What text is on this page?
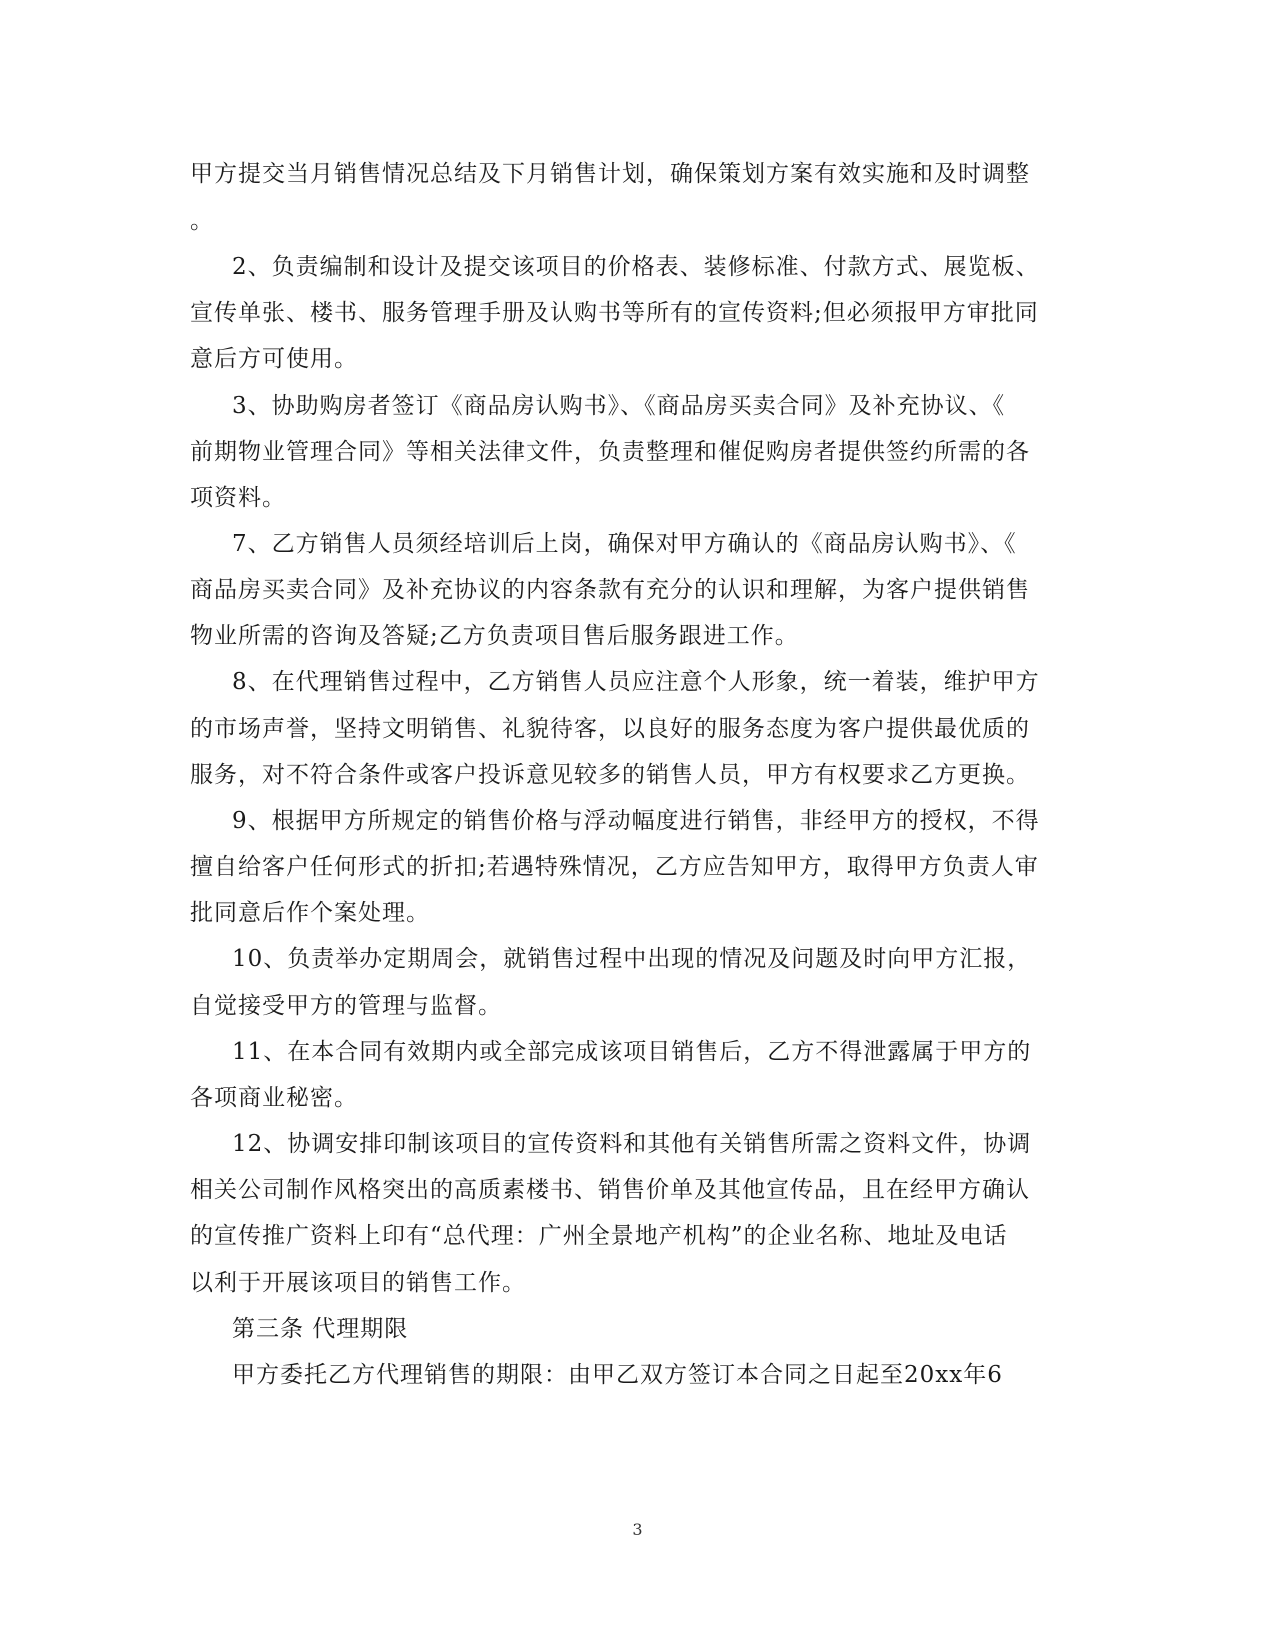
甲方提交当月销售情况总结及下月销售计划，确保策划方案有效实施和及时调整
。
2、负责编制和设计及提交该项目的价格表、装修标准、付款方式、展览板、
宣传单张、楼书、服务管理手册及认购书等所有的宣传资料;但必须报甲方审批同
意后方可使用。
3、协助购房者签订《商品房认购书》、《商品房买卖合同》及补充协议、《
前期物业管理合同》等相关法律文件，负责整理和催促购房者提供签约所需的各
项资料。
7、乙方销售人员须经培训后上岗，确保对甲方确认的《商品房认购书》、《
商品房买卖合同》及补充协议的内容条款有充分的认识和理解，为客户提供销售
物业所需的咨询及答疑;乙方负责项目售后服务跟进工作。
8、在代理销售过程中，乙方销售人员应注意个人形象，统一着装，维护甲方
的市场声誉，坚持文明销售、礼貌待客，以良好的服务态度为客户提供最优质的
服务，对不符合条件或客户投诉意见较多的销售人员，甲方有权要求乙方更换。
9、根据甲方所规定的销售价格与浮动幅度进行销售，非经甲方的授权，不得
擅自给客户任何形式的折扣;若遇特殊情况，乙方应告知甲方，取得甲方负责人审
批同意后作个案处理。
10、负责举办定期周会，就销售过程中出现的情况及问题及时向甲方汇报，
自觉接受甲方的管理与监督。
11、在本合同有效期内或全部完成该项目销售后，乙方不得泄露属于甲方的
各项商业秘密。
12、协调安排印制该项目的宣传资料和其他有关销售所需之资料文件，协调
相关公司制作风格突出的高质素楼书、销售价单及其他宣传品，且在经甲方确认
的宣传推广资料上印有“总代理：广州全景地产机构”的企业名称、地址及电话
以利于开展该项目的销售工作。
第三条 代理期限
甲方委托乙方代理销售的期限：由甲乙双方签订本合同之日起至20xx年6
3
